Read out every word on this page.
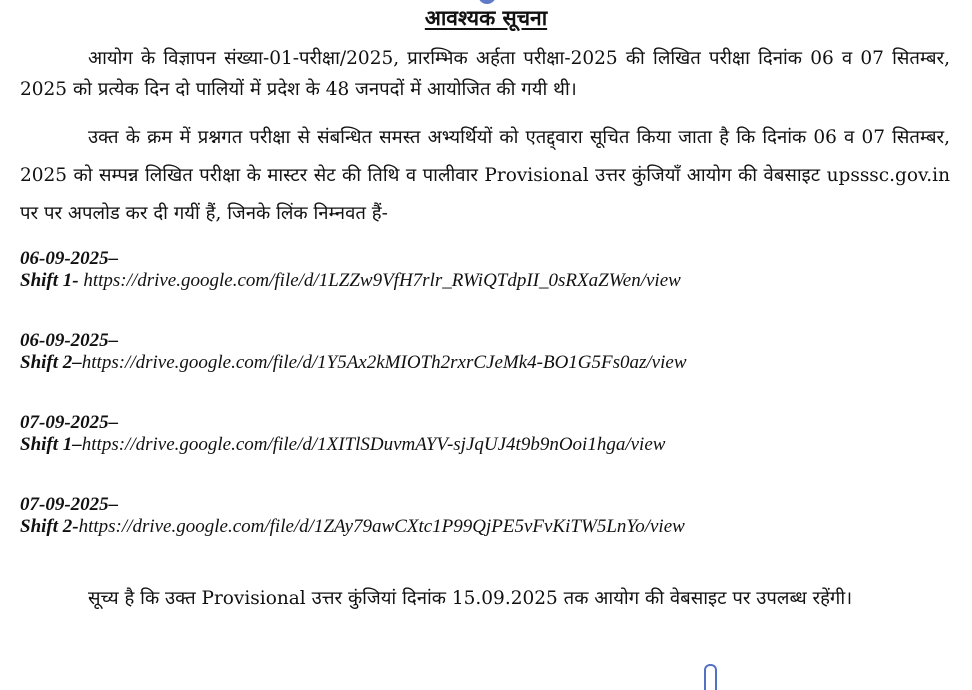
आवश्यक सूचना

आयोग के विज्ञापन संख्या-01-परीक्षा/2025, प्रारम्भिक अर्हता परीक्षा-2025 की लिखित परीक्षा दिनांक 06 व 07 सितम्बर, 2025 को प्रत्येक दिन दो पालियों में प्रदेश के 48 जनपदों में आयोजित की गयी थी।

उक्त के क्रम में प्रश्नगत परीक्षा से संबन्धित समस्त अभ्यर्थियों को एतद्द्वारा सूचित किया जाता है कि दिनांक 06 व 07 सितम्बर, 2025 को सम्पन्न लिखित परीक्षा के मास्टर सेट की तिथि व पालीवार Provisional उत्तर कुंजियाँ आयोग की वेबसाइट upsssc.gov.in पर पर अपलोड कर दी गयीं हैं, जिनके लिंक निम्नवत हैं-

06-09-2025–
Shift 1- https://drive.google.com/file/d/1LZZw9VfH7rlr_RWiQTdpII_0sRXaZWen/view
06-09-2025–
Shift 2–https://drive.google.com/file/d/1Y5Ax2kMIOTh2rxrCJeMk4-BO1G5Fs0az/view
07-09-2025–
Shift 1–https://drive.google.com/file/d/1XITlSDuvmAYV-sjJqUJ4t9b9nOoi1hga/view
07-09-2025–
Shift 2-https://drive.google.com/file/d/1ZAy79awCXtc1P99QjPE5vFvKiTW5LnYo/view

सूच्य है कि उक्त Provisional उत्तर कुंजियां दिनांक 15.09.2025 तक आयोग की वेबसाइट पर उपलब्ध रहेंगी।
